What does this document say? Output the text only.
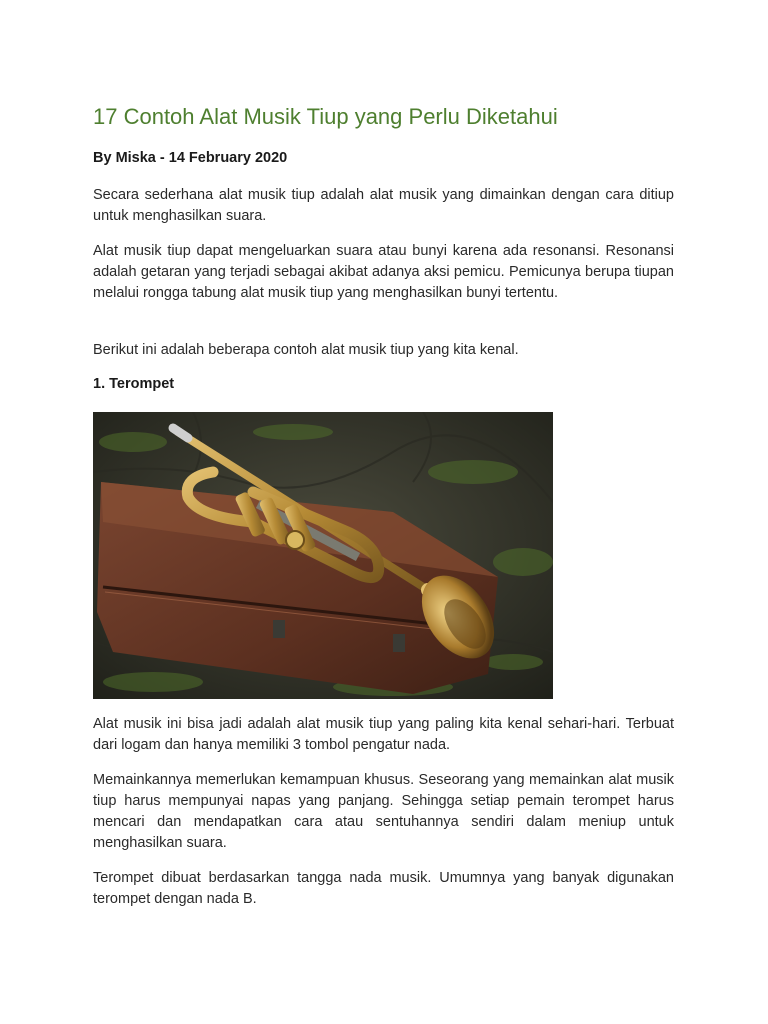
17 Contoh Alat Musik Tiup yang Perlu Diketahui

By Miska - 14 February 2020

Secara sederhana alat musik tiup adalah alat musik yang dimainkan dengan cara ditiup untuk menghasilkan suara.

Alat musik tiup dapat mengeluarkan suara atau bunyi karena ada resonansi. Resonansi adalah getaran yang terjadi sebagai akibat adanya aksi pemicu. Pemicunya berupa tiupan melalui rongga tabung alat musik tiup yang menghasilkan bunyi tertentu.

Berikut ini adalah beberapa contoh alat musik tiup yang kita kenal.

1. Terompet

Alat musik ini bisa jadi adalah alat musik tiup yang paling kita kenal sehari-hari. Terbuat dari logam dan hanya memiliki 3 tombol pengatur nada.

Memainkannya memerlukan kemampuan khusus. Seseorang yang memainkan alat musik tiup harus mempunyai napas yang panjang. Sehingga setiap pemain terompet harus mencari dan mendapatkan cara atau sentuhannya sendiri dalam meniup untuk menghasilkan suara.

Terompet dibuat berdasarkan tangga nada musik. Umumnya yang banyak digunakan terompet dengan nada B.
